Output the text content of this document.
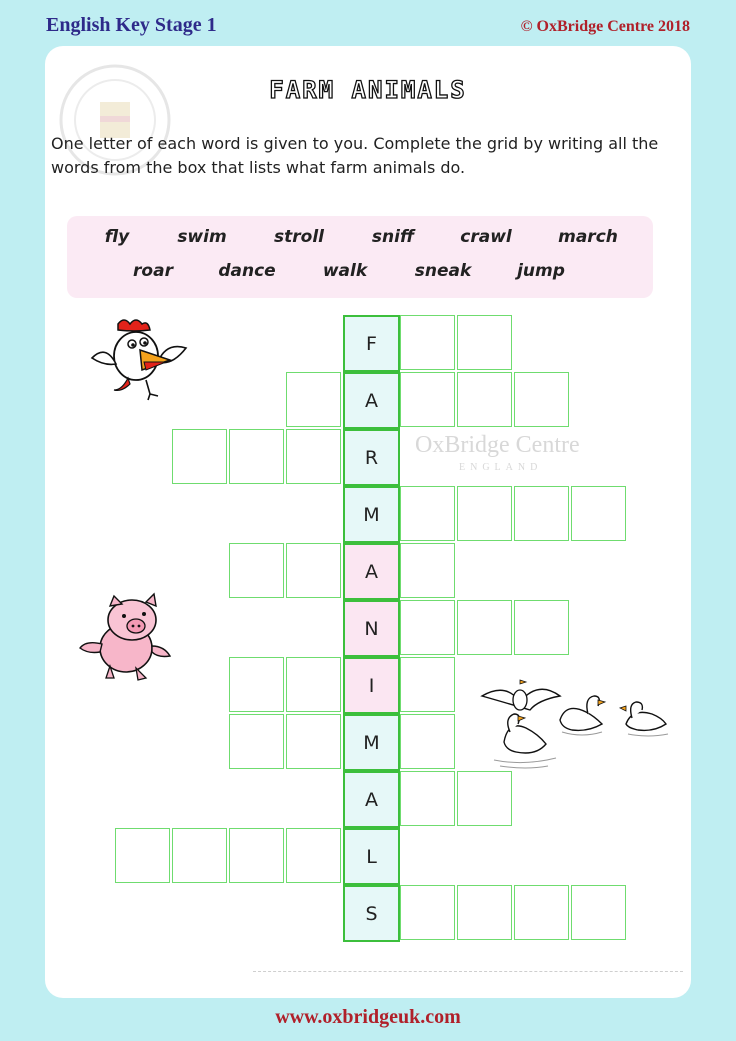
English Key Stage 1	© OxBridge Centre 2018
FARM ANIMALS
One letter of each word is given to you. Complete the grid by writing all the words from the box that lists what farm animals do.
fly	swim	stroll	sniff	crawl	march
roar	dance	walk	sneak	jump
OxBridge Centre
ENGLAND
F
A
R
M
A
N
I
M
A
L
S
www.oxbridgeuk.com
